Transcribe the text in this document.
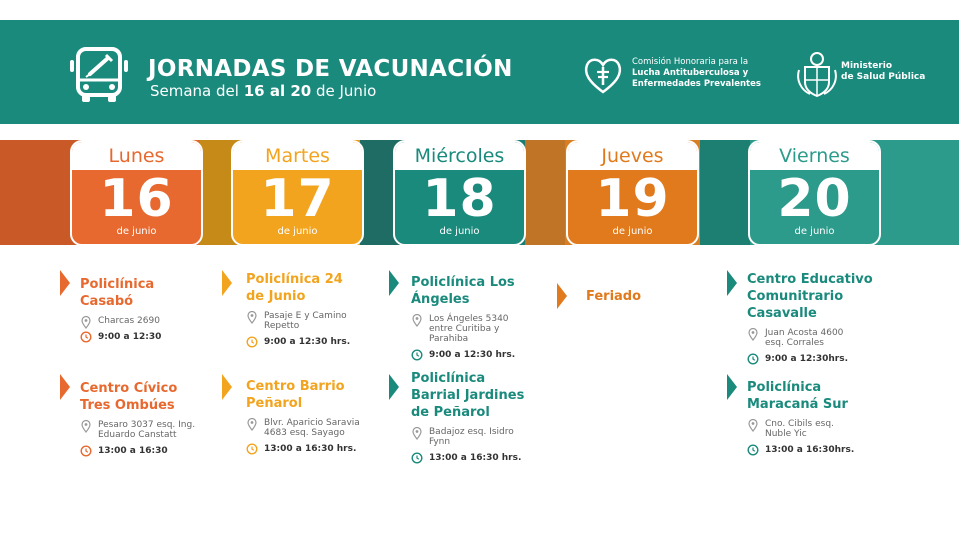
JORNADAS DE VACUNACIÓN
Semana del 16 al 20 de Junio
Comisión Honoraria para la
Lucha Antituberculosa y
Enfermedades Prevalentes
Ministerio
de Salud Pública
Lunes
16
de junio
Martes
17
de junio
Miércoles
18
de junio
Jueves
19
de junio
Viernes
20
de junio
Policlínica
Casabó
Charcas 2690
9:00 a 12:30
Centro Cívico
Tres Ombúes
Pesaro 3037 esq. Ing.
Eduardo Canstatt
13:00 a 16:30
Policlínica 24
de Junio
Pasaje E y Camino
Repetto
9:00 a 12:30 hrs.
Centro Barrio
Peñarol
Blvr. Aparicio Saravia
4683 esq. Sayago
13:00 a 16:30 hrs.
Policlínica Los
Ángeles
Los Ángeles 5340
entre Curitiba y
Parahiba
9:00 a 12:30 hrs.
Policlínica
Barrial Jardines
de Peñarol
Badajoz esq. Isidro
Fynn
13:00 a 16:30 hrs.
Feriado
Centro Educativo
Comunitrario
Casavalle
Juan Acosta 4600
esq. Corrales
9:00 a 12:30hrs.
Policlínica
Maracaná Sur
Cno. Cibils esq.
Nuble Yic
13:00 a 16:30hrs.
